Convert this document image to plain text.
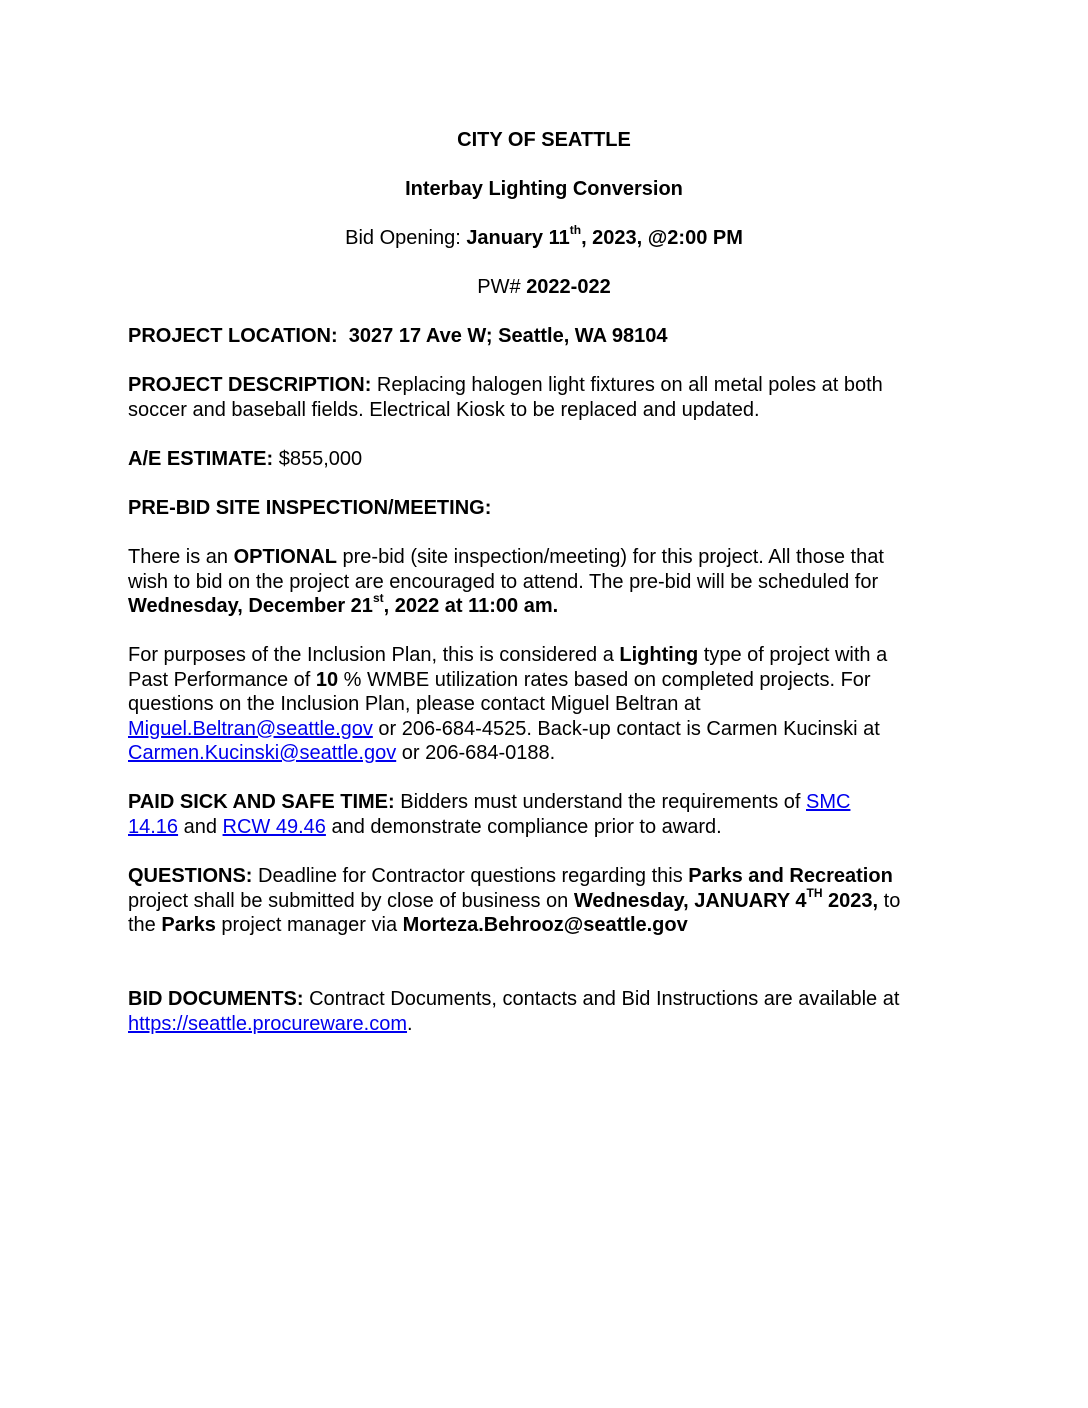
CITY OF SEATTLE
Interbay Lighting Conversion
Bid Opening: January 11th, 2023, @2:00 PM
PW# 2022-022
PROJECT LOCATION: 3027 17 Ave W; Seattle, WA 98104
PROJECT DESCRIPTION: Replacing halogen light fixtures on all metal poles at both
soccer and baseball fields. Electrical Kiosk to be replaced and updated.
A/E ESTIMATE: $855,000
PRE-BID SITE INSPECTION/MEETING:
There is an OPTIONAL pre-bid (site inspection/meeting) for this project. All those that
wish to bid on the project are encouraged to attend. The pre-bid will be scheduled for
Wednesday, December 21st, 2022 at 11:00 am.
For purposes of the Inclusion Plan, this is considered a Lighting type of project with a
Past Performance of 10 % WMBE utilization rates based on completed projects. For
questions on the Inclusion Plan, please contact Miguel Beltran at
Miguel.Beltran@seattle.gov or 206-684-4525. Back-up contact is Carmen Kucinski at
Carmen.Kucinski@seattle.gov or 206-684-0188.
PAID SICK AND SAFE TIME: Bidders must understand the requirements of SMC
14.16 and RCW 49.46 and demonstrate compliance prior to award.
QUESTIONS: Deadline for Contractor questions regarding this Parks and Recreation
project shall be submitted by close of business on Wednesday, JANUARY 4TH 2023, to
the Parks project manager via Morteza.Behrooz@seattle.gov
BID DOCUMENTS: Contract Documents, contacts and Bid Instructions are available at
https://seattle.procureware.com.
